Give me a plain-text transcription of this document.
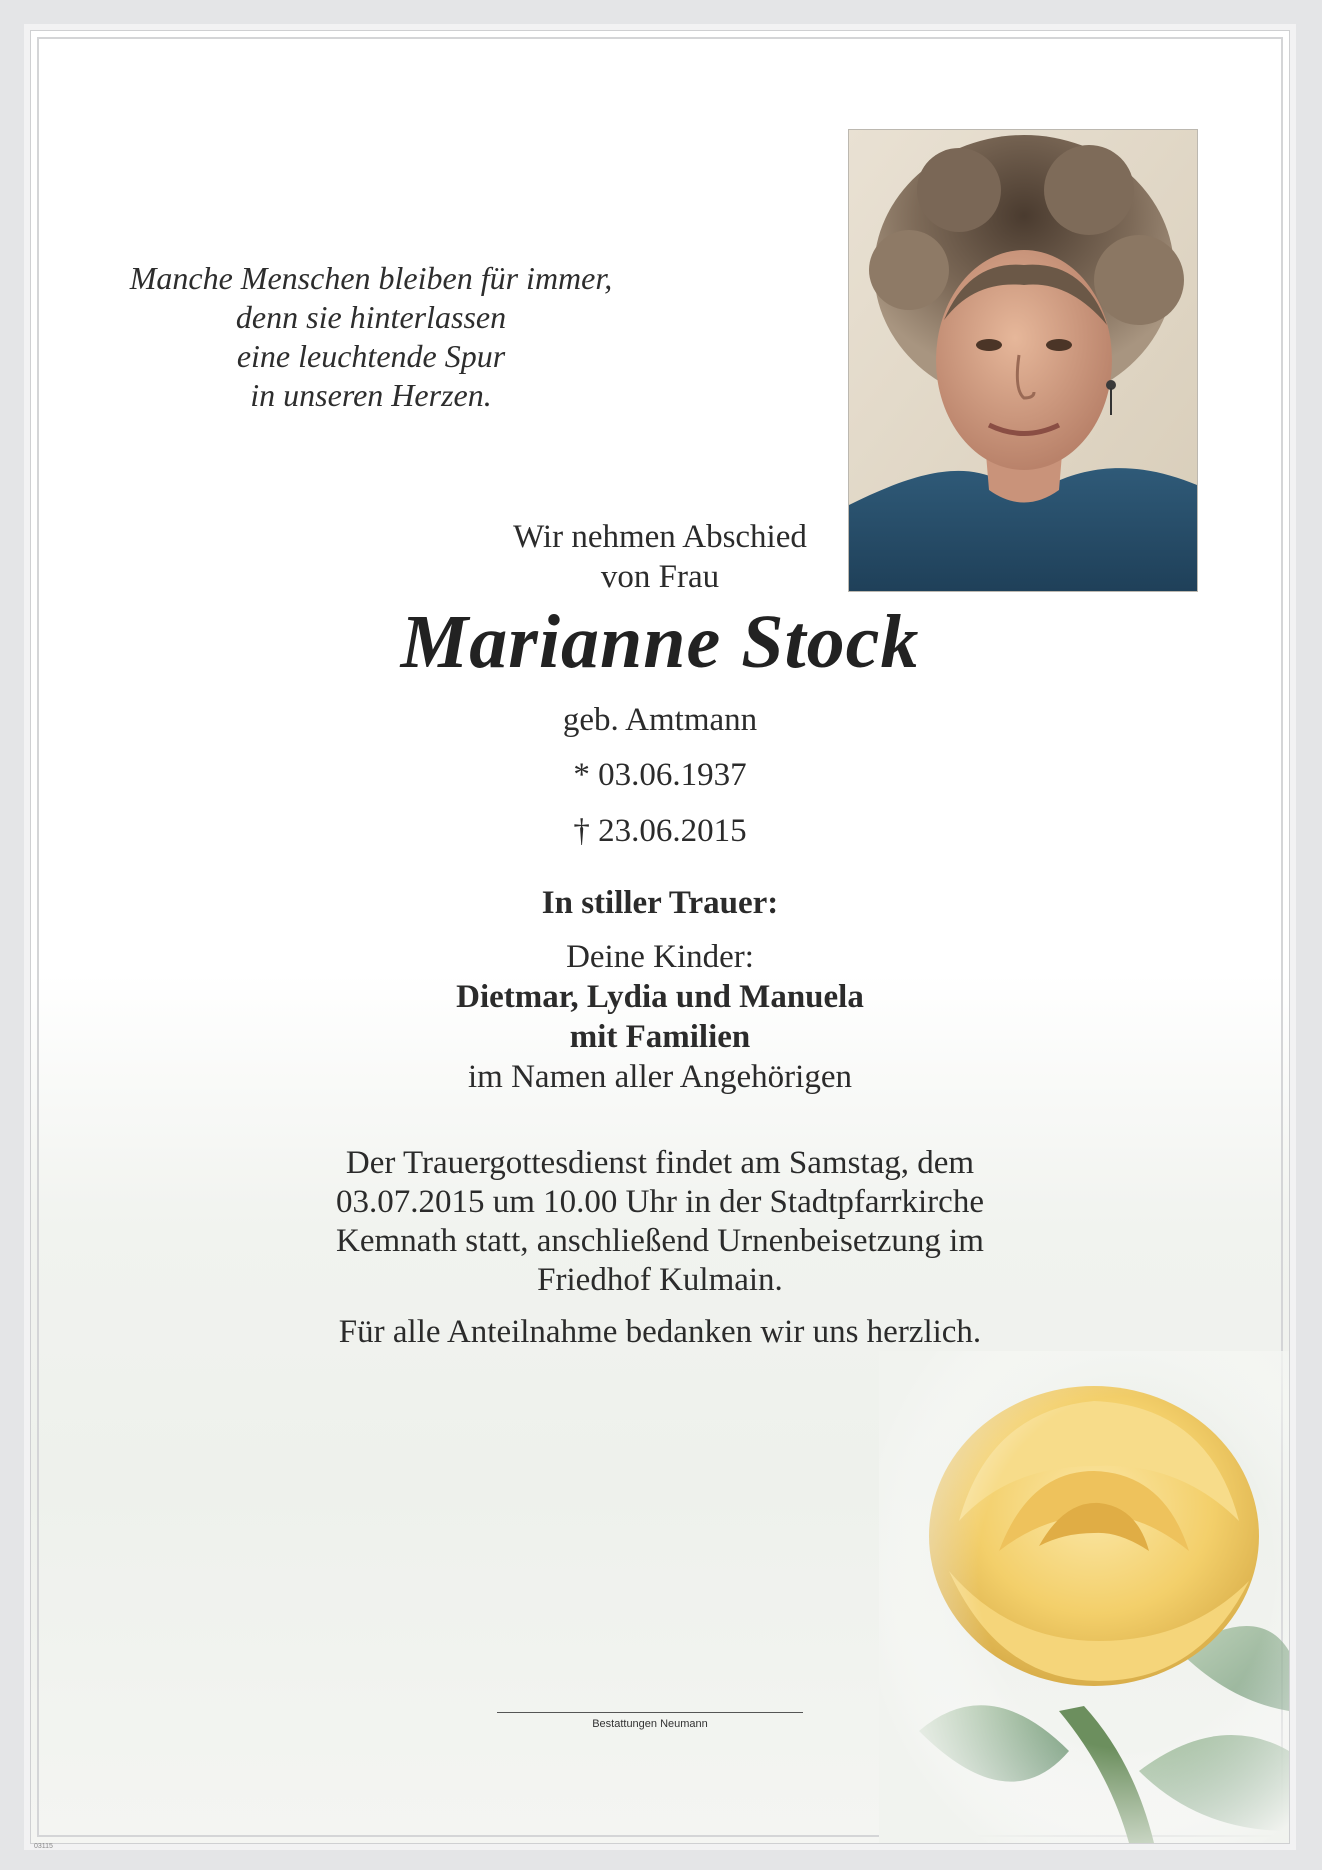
Manche Menschen bleiben für immer,
denn sie hinterlassen
eine leuchtende Spur
in unseren Herzen.
Wir nehmen Abschied
von Frau
Marianne Stock
geb. Amtmann
* 03.06.1937
† 23.06.2015
In stiller Trauer:
Deine Kinder:
Dietmar, Lydia und Manuela
mit Familien
im Namen aller Angehörigen
Der Trauergottesdienst findet am Samstag, dem
03.07.2015 um 10.00 Uhr in der Stadtpfarrkirche
Kemnath statt, anschließend Urnenbeisetzung im
Friedhof Kulmain.
Für alle Anteilnahme bedanken wir uns herzlich.
Bestattungen Neumann
03115
